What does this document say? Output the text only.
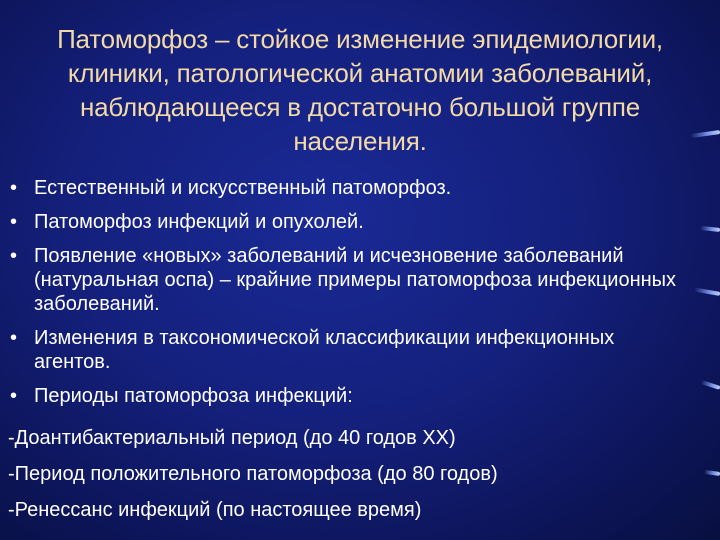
Патоморфоз – стойкое изменение эпидемиологии, клиники, патологической анатомии заболеваний, наблюдающееся в достаточно большой группе населения.
• Естественный и искусственный патоморфоз.
• Патоморфоз инфекций и опухолей.
• Появление «новых» заболеваний и исчезновение заболеваний (натуральная оспа) – крайние примеры патоморфоза инфекционных заболеваний.
• Изменения в таксономической классификации инфекционных агентов.
• Периоды патоморфоза инфекций:
-Доантибактериальный период (до 40 годов ХХ)
-Период положительного патоморфоза (до 80 годов)
-Ренессанс инфекций (по настоящее время)
